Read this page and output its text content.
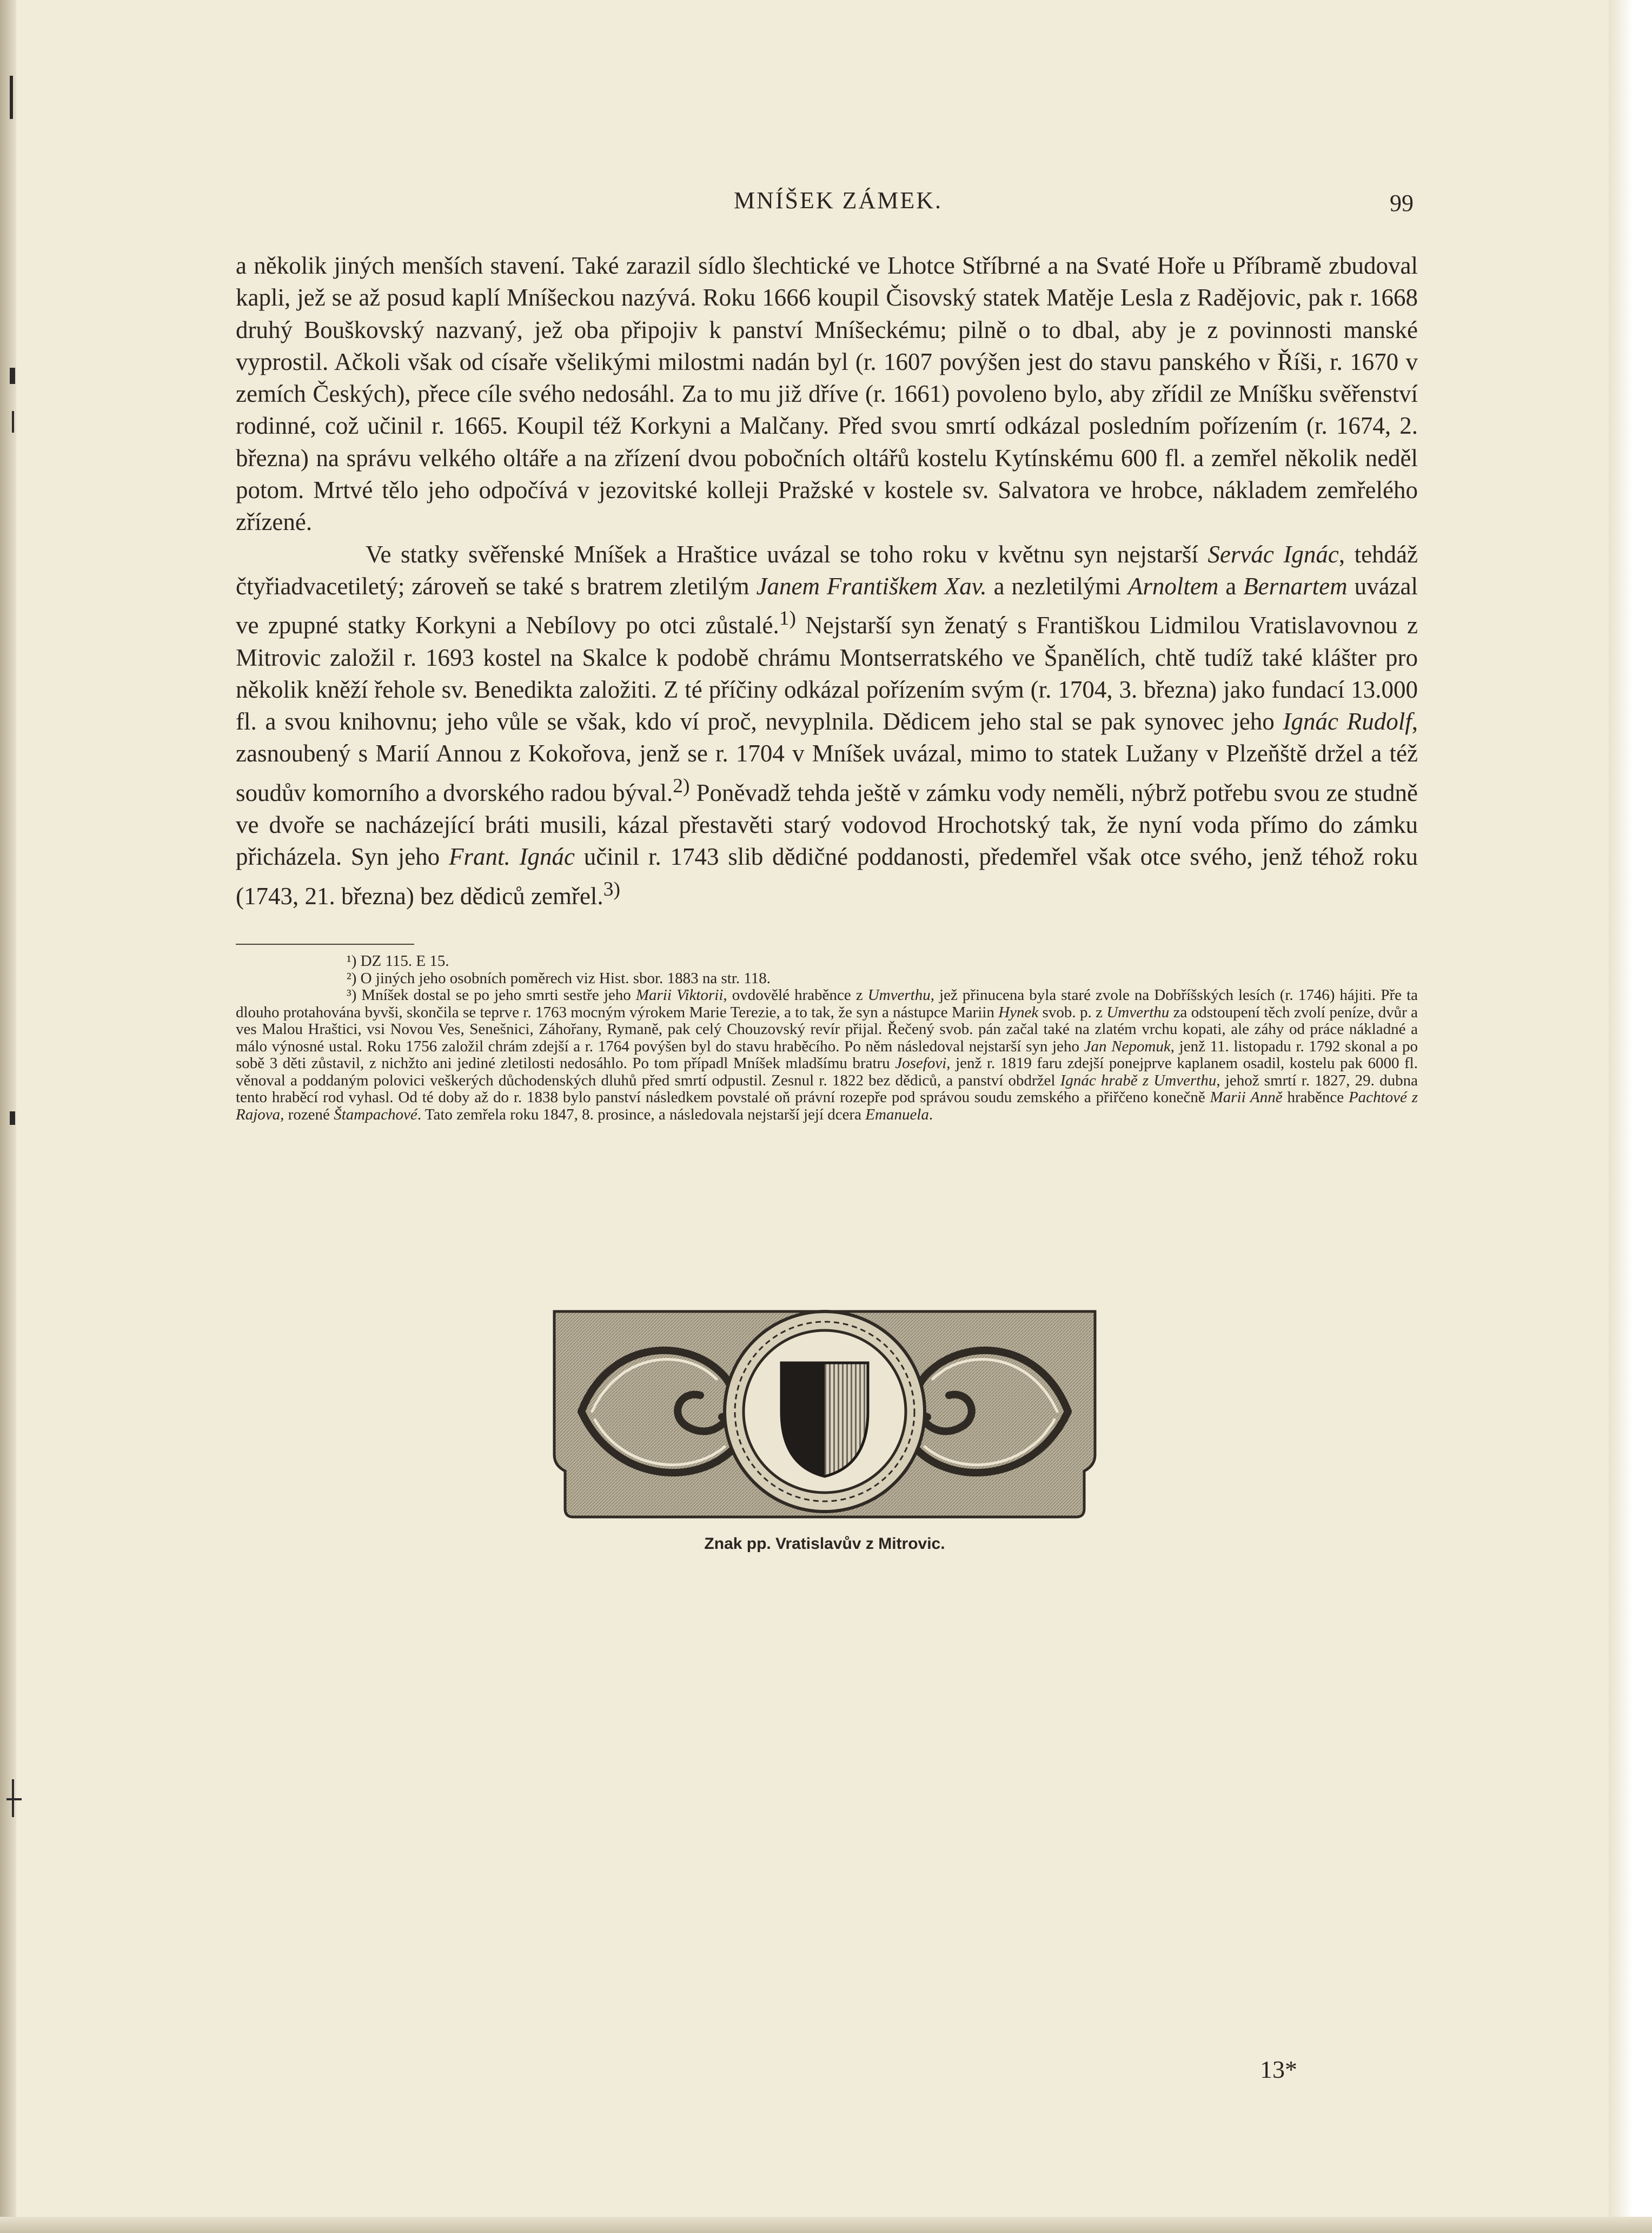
MNÍŠEK ZÁMEK.	99

a několik jiných menších stavení. Také zarazil sídlo šlechtické ve Lhotce Stříbrné a na Svaté Hoře u Příbramě zbudoval kapli, jež se až posud kaplí Mníšeckou nazývá. Roku 1666 koupil Čisovský statek Matěje Lesla z Radějovic, pak r. 1668 druhý Bouškovský nazvaný, jež oba připojiv k panství Mníšeckému; pilně o to dbal, aby je z povinnosti manské vyprostil. Ačkoli však od císaře všelikými milostmi nadán byl (r. 1607 povýšen jest do stavu panského v Říši, r. 1670 v zemích Českých), přece cíle svého nedosáhl. Za to mu již dříve (r. 1661) povoleno bylo, aby zřídil ze Mníšku svěřenství rodinné, což učinil r. 1665. Koupil též Korkyni a Malčany. Před svou smrtí odkázal posledním pořízením (r. 1674, 2. března) na správu velkého oltáře a na zřízení dvou pobočních oltářů kostelu Kytínskému 600 fl. a zemřel několik neděl potom. Mrtvé tělo jeho odpočívá v jezovitské kolleji Pražské v kostele sv. Salvatora ve hrobce, nákladem zemřelého zřízené.

Ve statky svěřenské Mníšek a Hraštice uvázal se toho roku v květnu syn nejstarší Servác Ignác, tehdáž čtyřiadvacetiletý; zároveň se také s bratrem zletilým Janem Františkem Xav. a nezletilými Arnoltem a Bernartem uvázal ve zpupné statky Korkyni a Nebílovy po otci zůstalé.$^{1)}$ Nejstarší syn ženatý s Františkou Lidmilou Vratislavovnou z Mitrovic založil r. 1693 kostel na Skalce k podobě chrámu Montserratského ve Španělích, chtě tudíž také klášter pro několik kněží řehole sv. Benedikta založiti. Z té příčiny odkázal pořízením svým (r. 1704, 3. března) jako fundací 13.000 fl. a svou knihovnu; jeho vůle se však, kdo ví proč, nevyplnila. Dědicem jeho stal se pak synovec jeho Ignác Rudolf, zasnoubený s Marií Annou z Kokořova, jenž se r. 1704 v Mníšek uvázal, mimo to statek Lužany v Plzeňště držel a též soudův komorního a dvorského radou býval.$^{2)}$ Poněvadž tehda ještě v zámku vody neměli, nýbrž potřebu svou ze studně ve dvoře se nacházející bráti musili, kázal přestavěti starý vodovod Hrochotský tak, že nyní voda přímo do zámku přicházela. Syn jeho Frant. Ignác učinil r. 1743 slib dědičné poddanosti, předemřel však otce svého, jenž téhož roku (1743, 21. března) bez dědiců zemřel.$^{3)}$

¹) DZ 115. E 15.

²) O jiných jeho osobních poměrech viz Hist. sbor. 1883 na str. 118.

³) Mníšek dostal se po jeho smrti sestře jeho Marii Viktorii, ovdovělé hraběnce z Umverthu, jež přinucena byla staré zvole na Dobříšských lesích (r. 1746) hájiti. Pře ta dlouho protahována byvši, skončila se teprve r. 1763 mocným výrokem Marie Terezie, a to tak, že syn a nástupce Mariin Hynek svob. p. z Umverthu za odstoupení těch zvolí peníze, dvůr a ves Malou Hraštici, vsi Novou Ves, Senešnici, Záhořany, Rymaně, pak celý Chouzovský revír přijal. Řečený svob. pán začal také na zlatém vrchu kopati, ale záhy od práce nákladné a málo výnosné ustal. Roku 1756 založil chrám zdejší a r. 1764 povýšen byl do stavu hraběcího. Po něm následoval nejstarší syn jeho Jan Nepomuk, jenž 11. listopadu r. 1792 skonal a po sobě 3 děti zůstavil, z nichžto ani jediné zletilosti nedosáhlo. Po tom případl Mníšek mladšímu bratru Josefovi, jenž r. 1819 faru zdejší ponejprve kaplanem osadil, kostelu pak 6000 fl. věnoval a poddaným polovici veškerých důchodenských dluhů před smrtí odpustil. Zesnul r. 1822 bez dědiců, a panství obdržel Ignác hrabě z Umverthu, jehož smrtí r. 1827, 29. dubna tento hraběcí rod vyhasl. Od té doby až do r. 1838 bylo panství následkem povstalé oň právní rozepře pod správou soudu zemského a přiřčeno konečně Marii Anně hraběnce Pachtové z Rajova, rozené Štampachové. Tato zemřela roku 1847, 8. prosince, a následovala nejstarší její dcera Emanuela.

Znak pp. Vratislavův z Mitrovic.
13*
